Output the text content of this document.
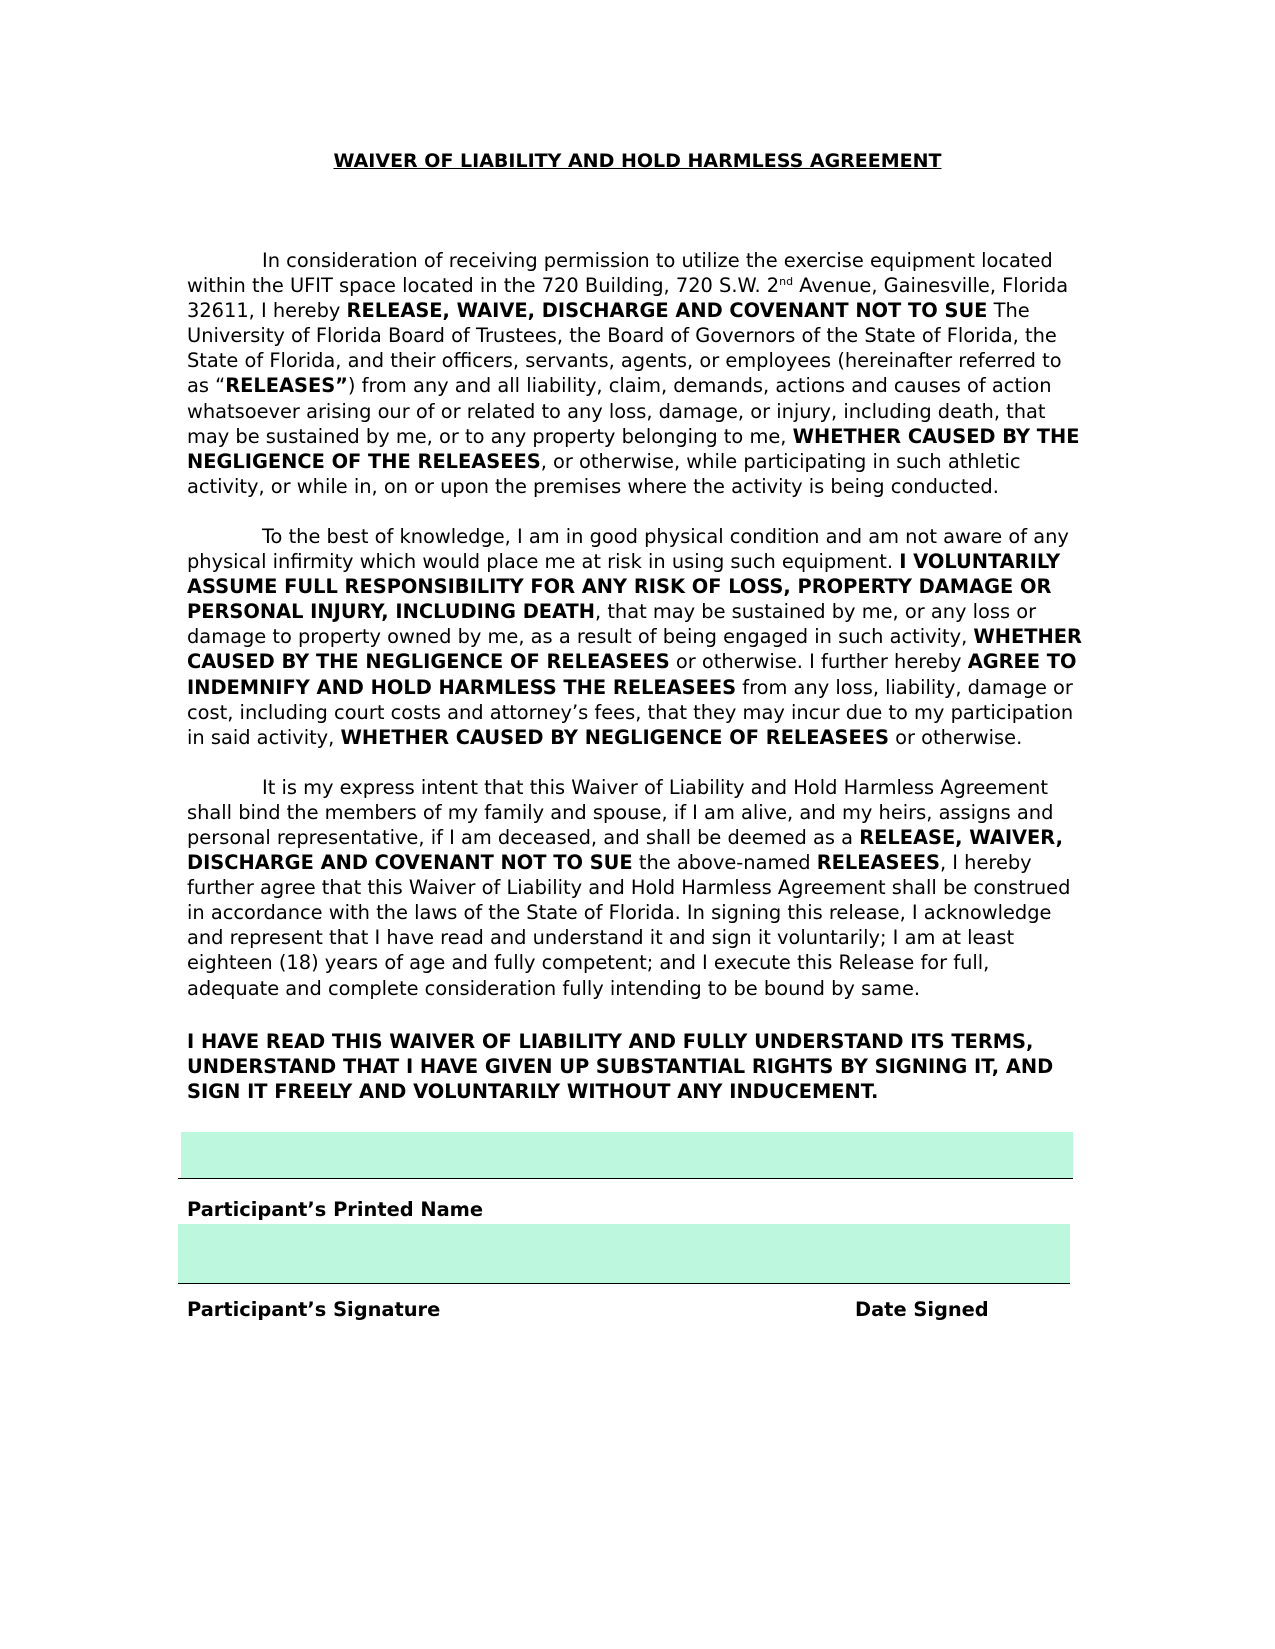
WAIVER OF LIABILITY AND HOLD HARMLESS AGREEMENT

In consideration of receiving permission to utilize the exercise equipment located within the UFIT space located in the 720 Building, 720 S.W. 2nd Avenue, Gainesville, Florida 32611, I hereby RELEASE, WAIVE, DISCHARGE AND COVENANT NOT TO SUE The University of Florida Board of Trustees, the Board of Governors of the State of Florida, the State of Florida, and their officers, servants, agents, or employees (hereinafter referred to as “RELEASES”) from any and all liability, claim, demands, actions and causes of action whatsoever arising our of or related to any loss, damage, or injury, including death, that may be sustained by me, or to any property belonging to me, WHETHER CAUSED BY THE NEGLIGENCE OF THE RELEASEES, or otherwise, while participating in such athletic activity, or while in, on or upon the premises where the activity is being conducted.

To the best of knowledge, I am in good physical condition and am not aware of any physical infirmity which would place me at risk in using such equipment. I VOLUNTARILY ASSUME FULL RESPONSIBILITY FOR ANY RISK OF LOSS, PROPERTY DAMAGE OR PERSONAL INJURY, INCLUDING DEATH, that may be sustained by me, or any loss or damage to property owned by me, as a result of being engaged in such activity, WHETHER CAUSED BY THE NEGLIGENCE OF RELEASEES or otherwise. I further hereby AGREE TO INDEMNIFY AND HOLD HARMLESS THE RELEASEES from any loss, liability, damage or cost, including court costs and attorney’s fees, that they may incur due to my participation in said activity, WHETHER CAUSED BY NEGLIGENCE OF RELEASEES or otherwise.

It is my express intent that this Waiver of Liability and Hold Harmless Agreement shall bind the members of my family and spouse, if I am alive, and my heirs, assigns and personal representative, if I am deceased, and shall be deemed as a RELEASE, WAIVER, DISCHARGE AND COVENANT NOT TO SUE the above-named RELEASEES, I hereby further agree that this Waiver of Liability and Hold Harmless Agreement shall be construed in accordance with the laws of the State of Florida. In signing this release, I acknowledge and represent that I have read and understand it and sign it voluntarily; I am at least eighteen (18) years of age and fully competent; and I execute this Release for full, adequate and complete consideration fully intending to be bound by same.

I HAVE READ THIS WAIVER OF LIABILITY AND FULLY UNDERSTAND ITS TERMS, UNDERSTAND THAT I HAVE GIVEN UP SUBSTANTIAL RIGHTS BY SIGNING IT, AND SIGN IT FREELY AND VOLUNTARILY WITHOUT ANY INDUCEMENT.

Participant’s Printed Name
Participant’s Signature	Date Signed
